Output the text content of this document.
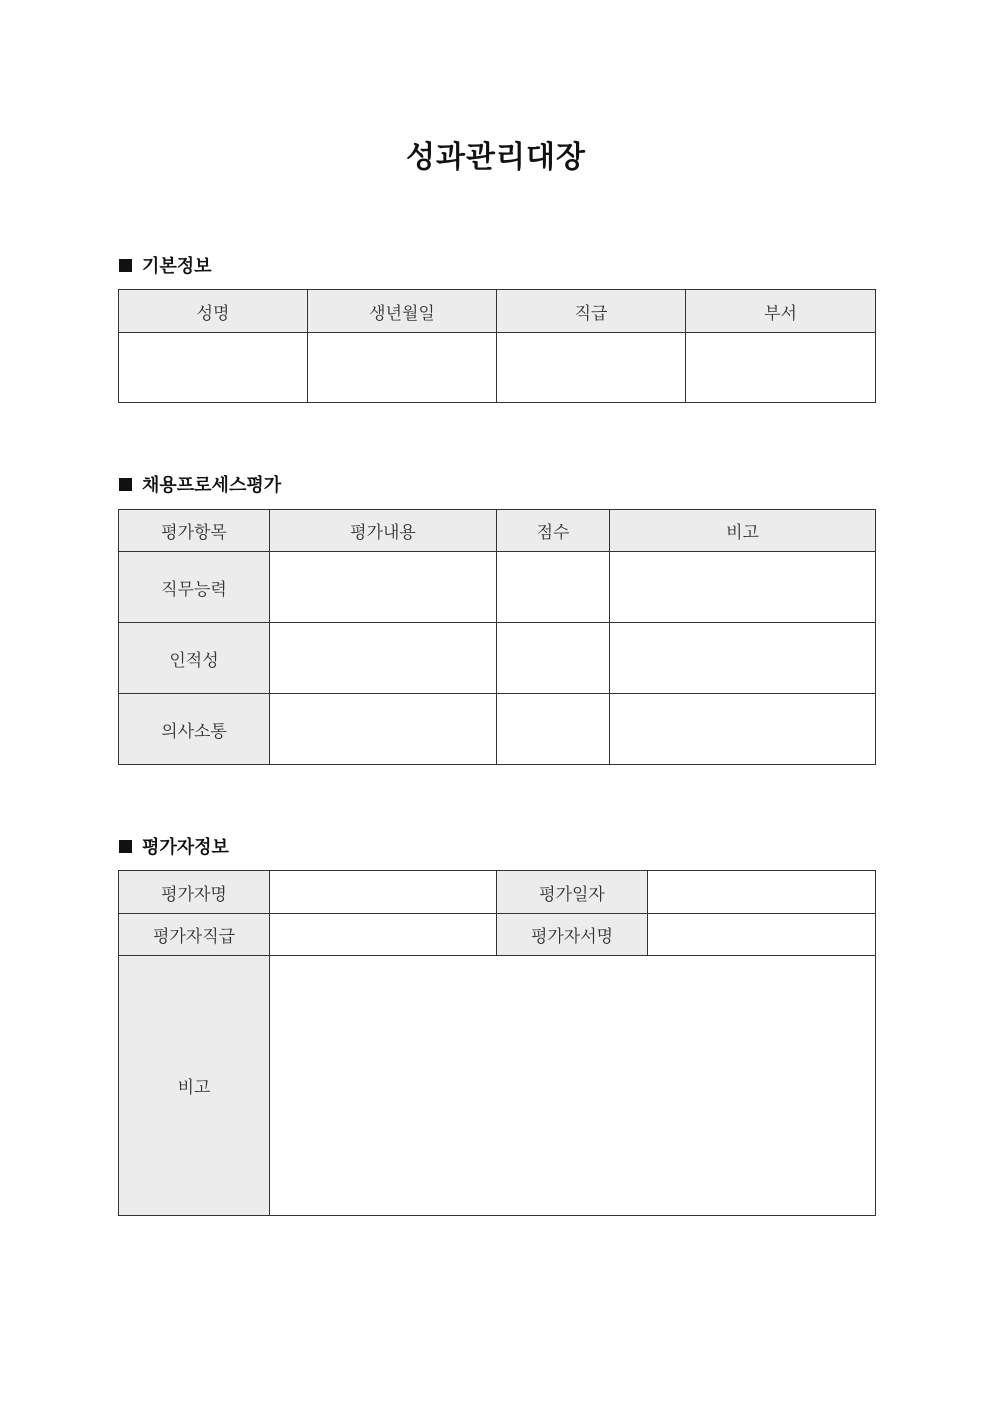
성과관리대장
기본정보
성명	생년월일	직급	부서

채용프로세스평가
평가항목	평가내용	점수	비고
직무능력			
인적성			
의사소통			
평가자정보
평가자명		평가일자	
평가자직급		평가자서명	
비고			
